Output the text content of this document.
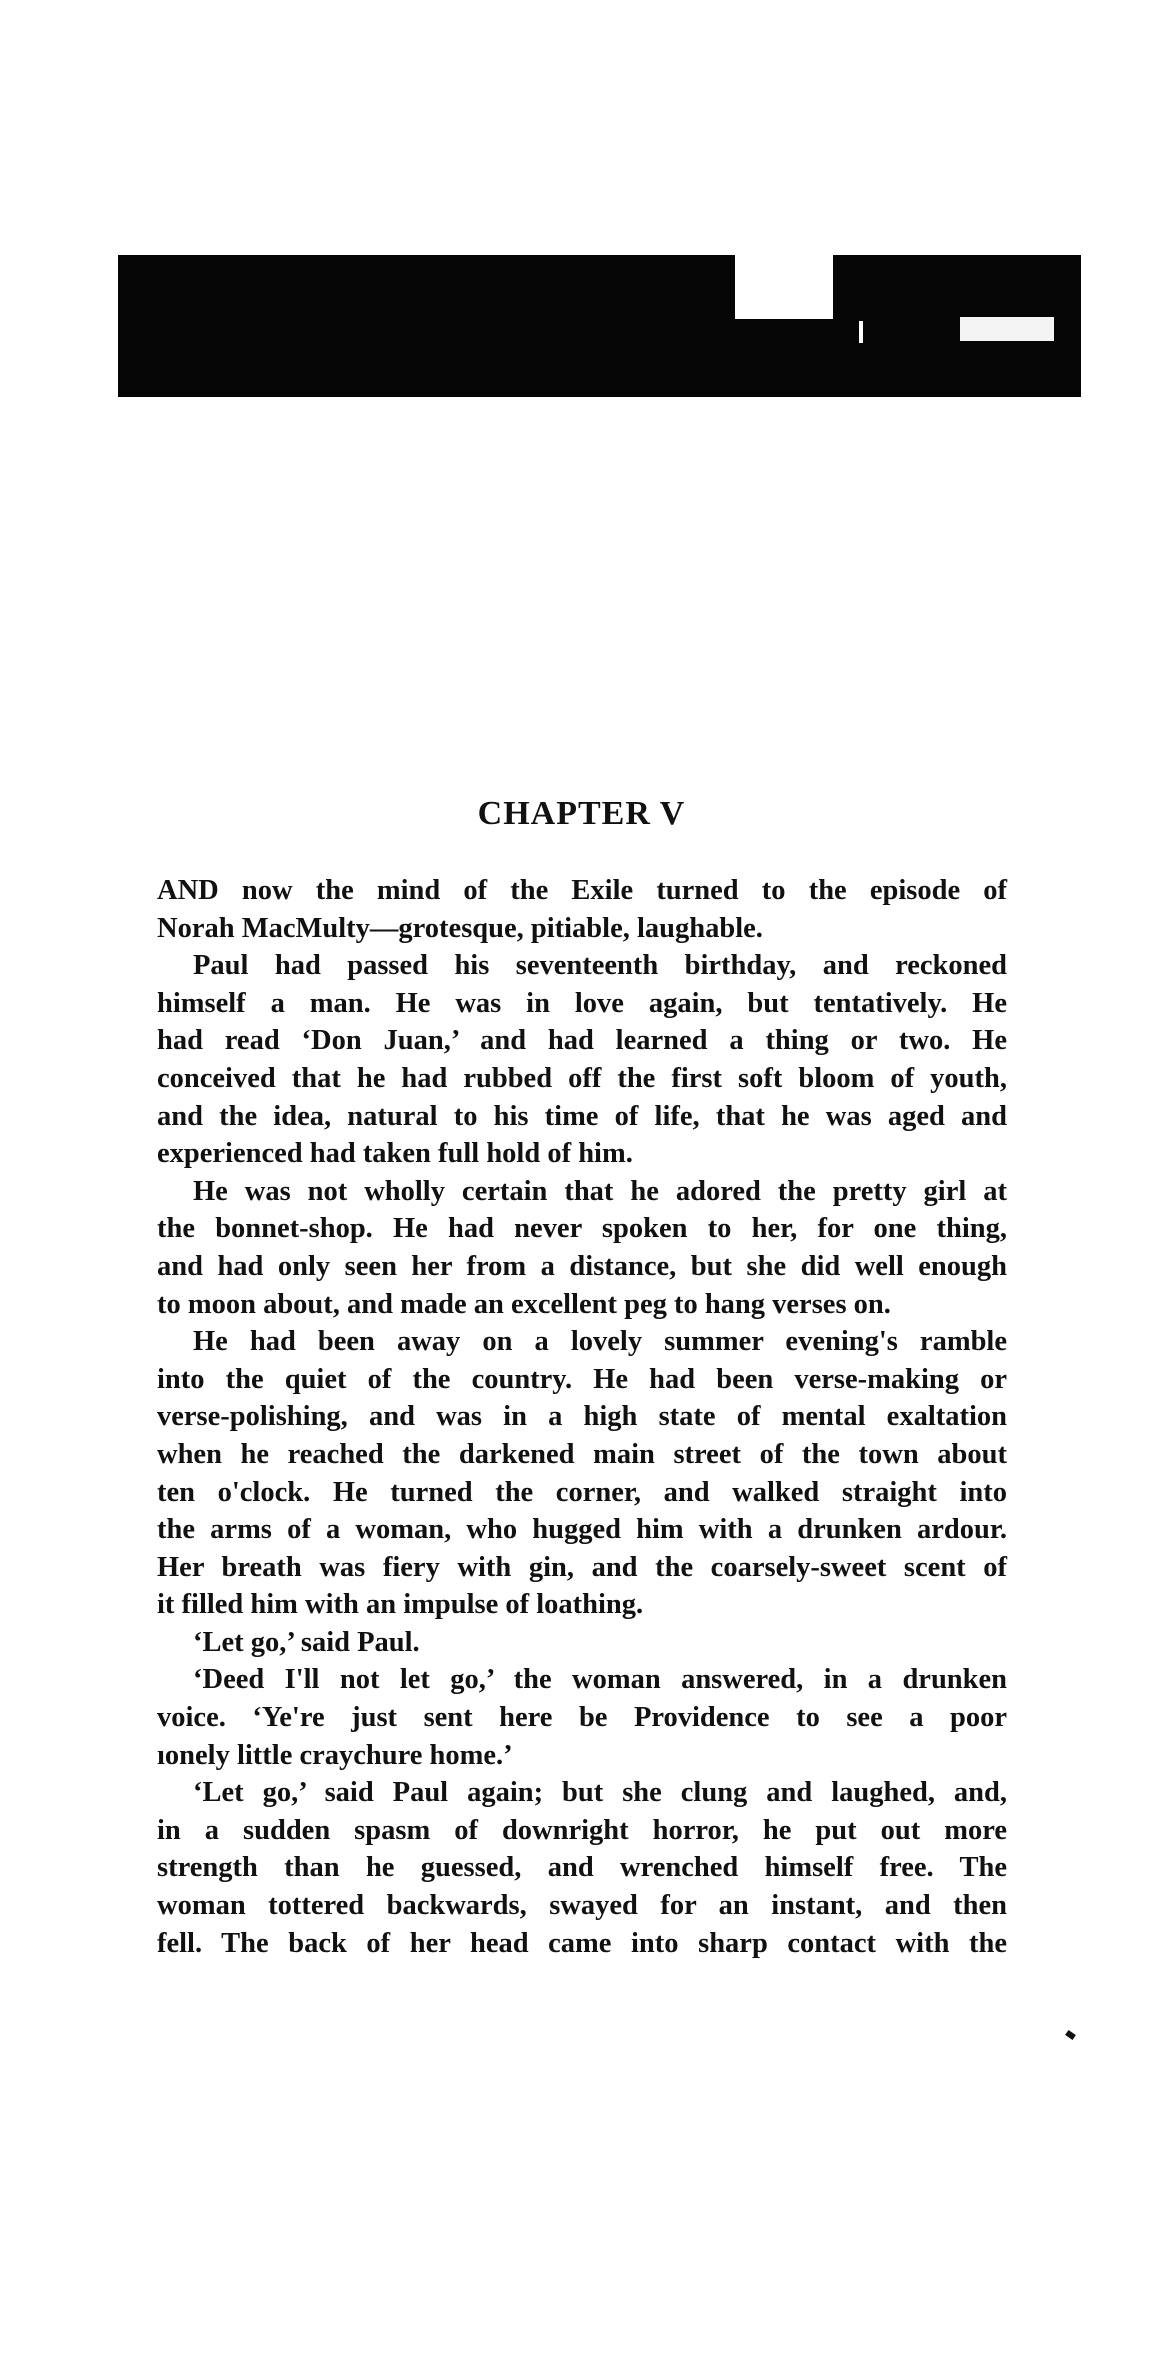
CHAPTER V
AND now the mind of the Exile turned to the episode of
Norah MacMulty—grotesque, pitiable, laughable.
Paul had passed his seventeenth birthday, and reckoned
himself a man. He was in love again, but tentatively. He
had read ‘Don Juan,’ and had learned a thing or two. He
conceived that he had rubbed off the first soft bloom of youth,
and the idea, natural to his time of life, that he was aged and
experienced had taken full hold of him.
He was not wholly certain that he adored the pretty girl at
the bonnet-shop. He had never spoken to her, for one thing,
and had only seen her from a distance, but she did well enough
to moon about, and made an excellent peg to hang verses on.
He had been away on a lovely summer evening's ramble
into the quiet of the country. He had been verse-making or
verse-polishing, and was in a high state of mental exaltation
when he reached the darkened main street of the town about
ten o'clock. He turned the corner, and walked straight into
the arms of a woman, who hugged him with a drunken ardour.
Her breath was fiery with gin, and the coarsely-sweet scent of
it filled him with an impulse of loathing.
‘Let go,’ said Paul.
‘Deed I'll not let go,’ the woman answered, in a drunken
voice. ‘Ye're just sent here be Providence to see a poor
ıonely little craychure home.’
‘Let go,’ said Paul again; but she clung and laughed, and,
in a sudden spasm of downright horror, he put out more
strength than he guessed, and wrenched himself free. The
woman tottered backwards, swayed for an instant, and then
fell. The back of her head came into sharp contact with the
